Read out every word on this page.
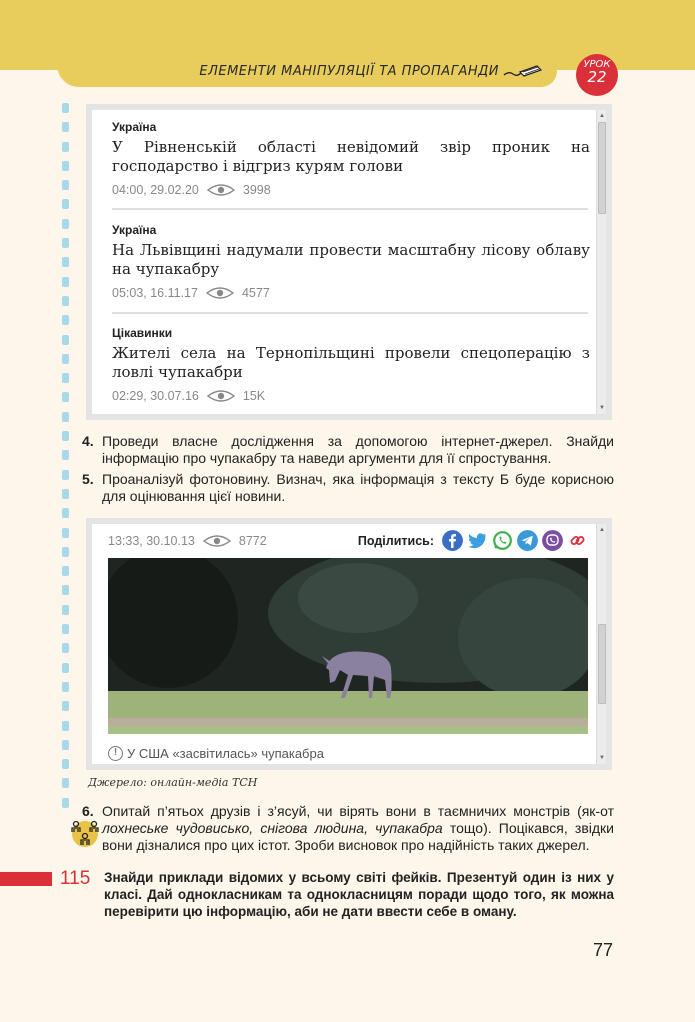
ЕЛЕМЕНТИ МАНІПУЛЯЦІЇ ТА ПРОПАГАНДИ	УРОК
22
Україна
У Рівненській області невідомий звір проник на господарство і відгриз курям голови
04:00, 29.02.20	3998
Україна
На Львівщині надумали провести масштабну лісову облаву на чупакабру
05:03, 16.11.17	4577
Цікавинки
Жителі села на Тернопільщині провели спецоперацію з ловлі чупакабри
02:29, 30.07.16	15K
▲
▼
4. Проведи власне дослідження за допомогою інтернет-джерел. Знайди інформацію про чупакабру та наведи аргументи для її спростування.
5. Проаналізуй фотоновину. Визнач, яка інформація з тексту Б буде корисною для оцінювання цієї новини.
13:33, 30.10.13	8772	Поділитись:
! У США «засвітилась» чупакабра
▲
▼
Джерело: онлайн-медіа ТСН
6. Опитай п’ятьох друзів і з’ясуй, чи вірять вони в таємничих монстрів (як-от лохнеське чудовисько, снігова людина, чупакабра тощо). Поцікався, звідки вони дізналися про цих істот. Зроби висновок про надійність таких джерел.
115 Знайди приклади відомих у всьому світі фейків. Презентуй один із них у класі. Дай однокласникам та однокласницям поради щодо того, як можна перевірити цю інформацію, аби не дати ввести себе в оману.
77
